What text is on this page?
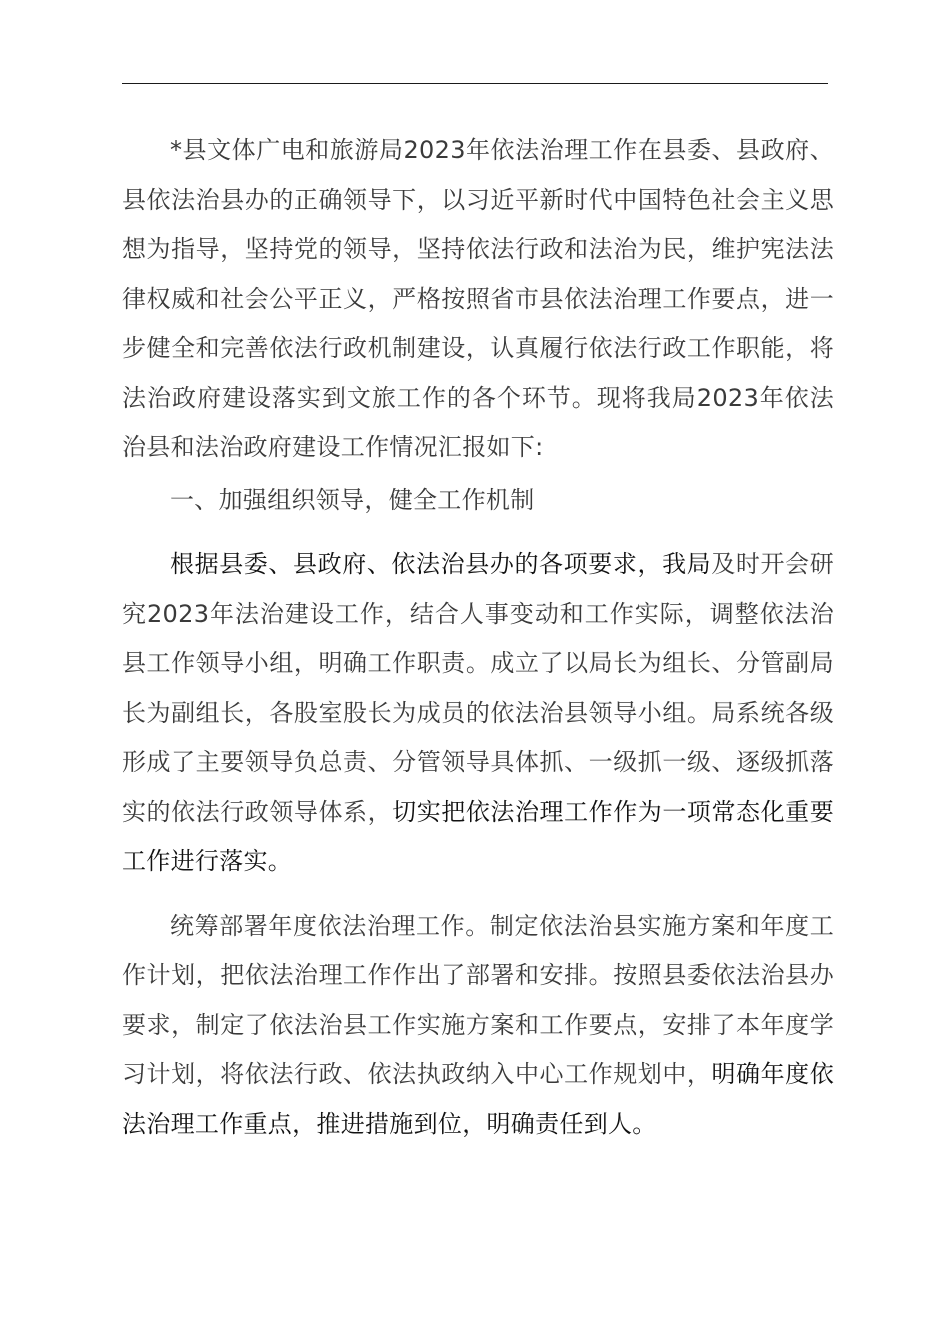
*县文体广电和旅游局2023年依法治理工作在县委、县政府、县依法治县办的正确领导下，以习近平新时代中国特色社会主义思想为指导，坚持党的领导，坚持依法行政和法治为民，维护宪法法律权威和社会公平正义，严格按照省市县依法治理工作要点，进一步健全和完善依法行政机制建设，认真履行依法行政工作职能，将法治政府建设落实到文旅工作的各个环节。现将我局2023年依法治县和法治政府建设工作情况汇报如下:

一、加强组织领导，健全工作机制

根据县委、县政府、依法治县办的各项要求，我局及时开会研究2023年法治建设工作，结合人事变动和工作实际，调整依法治县工作领导小组，明确工作职责。成立了以局长为组长、分管副局长为副组长，各股室股长为成员的依法治县领导小组。局系统各级形成了主要领导负总责、分管领导具体抓、一级抓一级、逐级抓落实的依法行政领导体系，切实把依法治理工作作为一项常态化重要工作进行落实。

统筹部署年度依法治理工作。制定依法治县实施方案和年度工作计划，把依法治理工作作出了部署和安排。按照县委依法治县办要求，制定了依法治县工作实施方案和工作要点，安排了本年度学习计划，将依法行政、依法执政纳入中心工作规划中，明确年度依法治理工作重点，推进措施到位，明确责任到人。
